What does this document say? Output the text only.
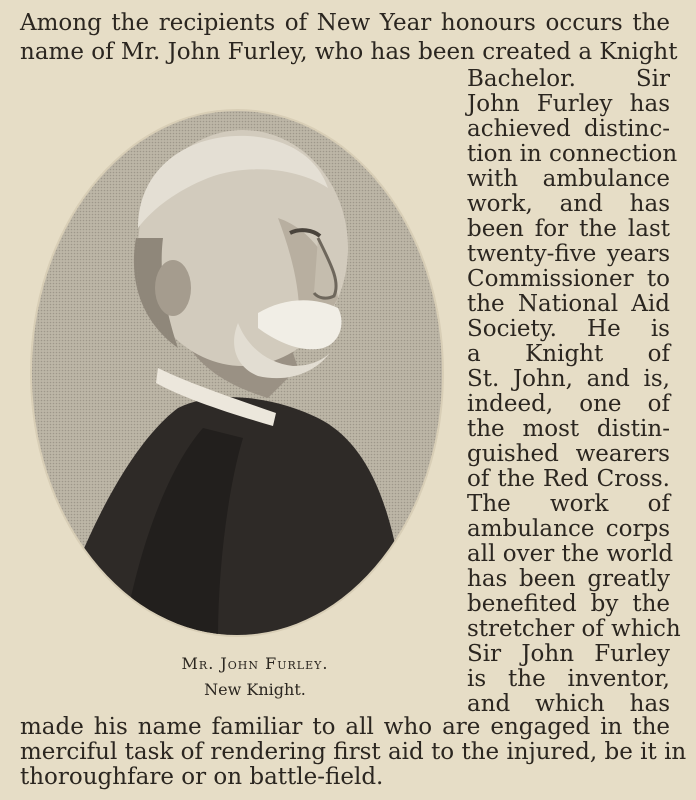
Among the recipients of New Year honours occurs the
name of Mr. John Furley, who has been created a Knight
Bachelor. Sir
John Furley has
achieved distinc-
tion in connection
with ambulance
work, and has
been for the last
twenty-five years
Commissioner to
the National Aid
Society. He is
a Knight of
St. John, and is,
indeed, one of
the most distin-
guished wearers
of the Red Cross.
The work of
ambulance corps
all over the world
has been greatly
benefited by the
stretcher of which
Sir John Furley
is the inventor,
and which has
made his name familiar to all who are engaged in the
merciful task of rendering first aid to the injured, be it in
thoroughfare or on battle-field.
Mr. John Furley.
New Knight.
